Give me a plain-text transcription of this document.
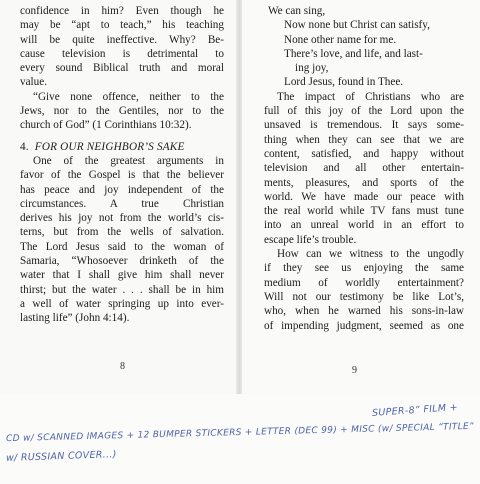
confidence in him? Even though he
may be “apt to teach,” his teaching
will be quite ineffective. Why? Be-
cause television is detrimental to
every sound Biblical truth and moral
value.
“Give none offence, neither to the
Jews, nor to the Gentiles, nor to the
church of God” (1 Corinthians 10:32).
4. FOR OUR NEIGHBOR’S SAKE
One of the greatest arguments in
favor of the Gospel is that the believer
has peace and joy independent of the
circumstances. A true Christian
derives his joy not from the world’s cis-
terns, but from the wells of salvation.
The Lord Jesus said to the woman of
Samaria, “Whosoever drinketh of the
water that I shall give him shall never
thirst; but the water . . . shall be in him
a well of water springing up into ever-
lasting life” (John 4:14).
8
We can sing,
Now none but Christ can satisfy,
None other name for me.
There’s love, and life, and last-
ing joy,
Lord Jesus, found in Thee.
The impact of Christians who are
full of this joy of the Lord upon the
unsaved is tremendous. It says some-
thing when they can see that we are
content, satisfied, and happy without
television and all other entertain-
ments, pleasures, and sports of the
world. We have made our peace with
the real world while TV fans must tune
into an unreal world in an effort to
escape life’s trouble.
How can we witness to the ungodly
if they see us enjoying the same
medium of worldly entertainment?
Will not our testimony be like Lot’s,
who, when he warned his sons-in-law
of impending judgment, seemed as one
9
SUPER-8” FILM +
CD w/ SCANNED IMAGES + 12 BUMPER STICKERS + LETTER (DEC 99) + MISC (w/ SPECIAL “TITLE”
w/ RUSSIAN COVER...)
